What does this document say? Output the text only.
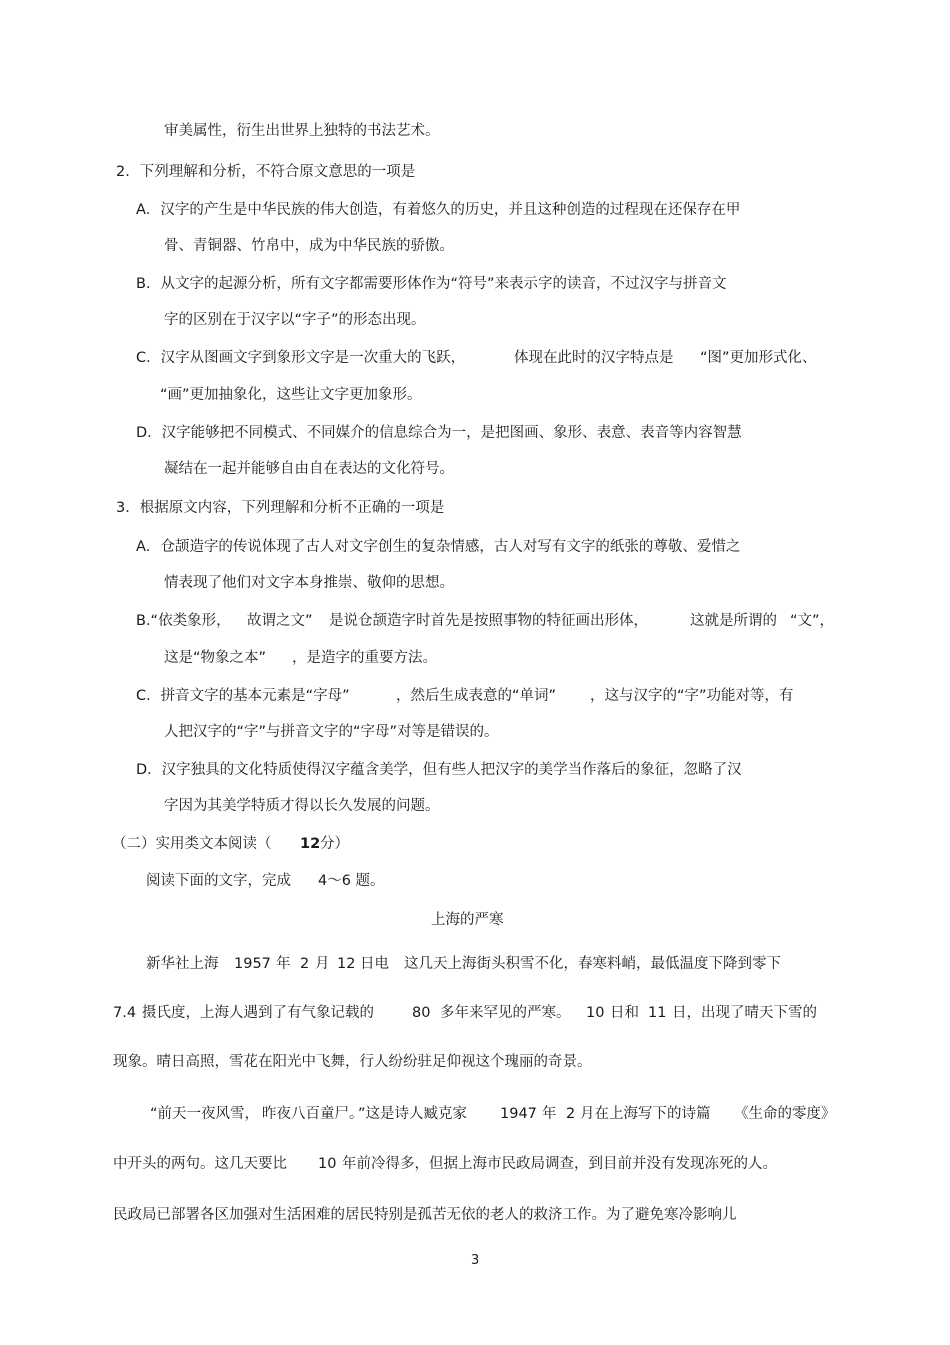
审美属性，衍生出世界上独特的书法艺术。
2．下列理解和分析，不符合原文意思的一项是
A．汉字的产生是中华民族的伟大创造，有着悠久的历史，并且这种创造的过程现在还保存在甲
骨、青铜器、竹帛中，成为中华民族的骄傲。
B．从文字的起源分析，所有文字都需要形体作为“符号”来表示字的读音，不过汉字与拼音文
字的区别在于汉字以“字子”的形态出现。
C．汉字从图画文字到象形文字是一次重大的飞跃，	体现在此时的汉字特点是 “图”更加形式化、
“画”更加抽象化，这些让文字更加象形。
D．汉字能够把不同模式、不同媒介的信息综合为一，是把图画、象形、表意、表音等内容智慧
凝结在一起并能够自由自在表达的文化符号。
3．根据原文内容，下列理解和分析不正确的一项是
A．仓颉造字的传说体现了古人对文字创生的复杂情感，古人对写有文字的纸张的尊敬、爱惜之
情表现了他们对文字本身推崇、敬仰的思想。
B.“依类象形， 故谓之文” 是说仓颉造字时首先是按照事物的特征画出形体，	这就是所谓的 “文”，
这是“物象之本” ，是造字的重要方法。
C．拼音文字的基本元素是“字母”	，然后生成表意的“单词” ，这与汉字的“字”功能对等，有
人把汉字的“字”与拼音文字的“字母”对等是错误的。
D．汉字独具的文化特质使得汉字蕴含美学，但有些人把汉字的美学当作落后的象征，忽略了汉
字因为其美学特质才得以长久发展的问题。
（二）实用类文本阅读（ 12 分）
阅读下面的文字，完成 4～6 题。
上海的严寒
新华社上海 1957 年 2 月 12 日电 这几天上海街头积雪不化，春寒料峭，最低温度下降到零下
7.4 摄氏度，上海人遇到了有气象记载的	80 多年来罕见的严寒。 10 日和 11 日，出现了晴天下雪的
现象。晴日高照，雪花在阳光中飞舞，行人纷纷驻足仰视这个瑰丽的奇景。
“前天一夜风雪， 昨夜八百童尸。
”这是诗人臧克家 1947 年 2 月在上海写下的诗篇 《生命的零度》
中开头的两句。这几天要比 10 年前冷得多，但据上海市民政局调查，到目前并没有发现冻死的人。
民政局已部署各区加强对生活困难的居民特别是孤苦无依的老人的救济工作。为了避免寒冷影响儿
3
